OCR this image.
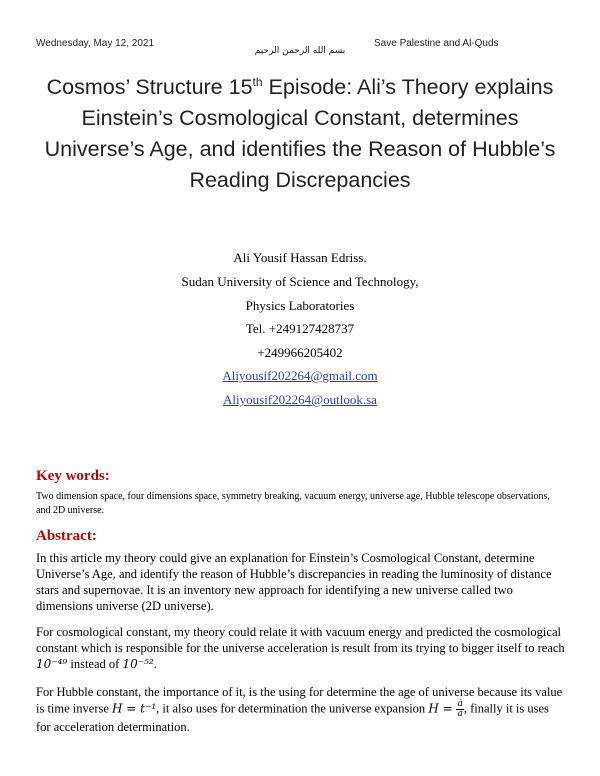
Wednesday, May 12, 2021	Save Palestine and Al-Quds
بسم الله الرحمن الرحيم
Cosmos’ Structure 15th Episode: Ali’s Theory explains
Einstein’s Cosmological Constant, determines
Universe’s Age, and identifies the Reason of Hubble’s
Reading Discrepancies
Ali Yousif Hassan Edriss.
Sudan University of Science and Technology,
Physics Laboratories
Tel. +249127428737
+249966205402
Aliyousif202264@gmail.com
Aliyousif202264@outlook.sa
Key words:
Two dimension space, four dimensions space, symmetry breaking, vacuum energy, universe age, Hubble telescope observations, and 2D universe.
Abstract:

In this article my theory could give an explanation for Einstein’s Cosmological Constant, determine Universe’s Age, and identify the reason of Hubble’s discrepancies in reading the luminosity of distance stars and supernovae. It is an inventory new approach for identifying a new universe called two dimensions universe (2D universe).

For cosmological constant, my theory could relate it with vacuum energy and predicted the cosmological constant which is responsible for the universe acceleration is result from its trying to bigger itself to reach 10⁻⁴⁹ instead of 10⁻⁵².

For Hubble constant, the importance of it, is the using for determine the age of universe because its value is time inverse H = t⁻¹, it also uses for determination the universe expansion $H = \frac{ȧ}{a}$ , finally it is uses for acceleration determination.
